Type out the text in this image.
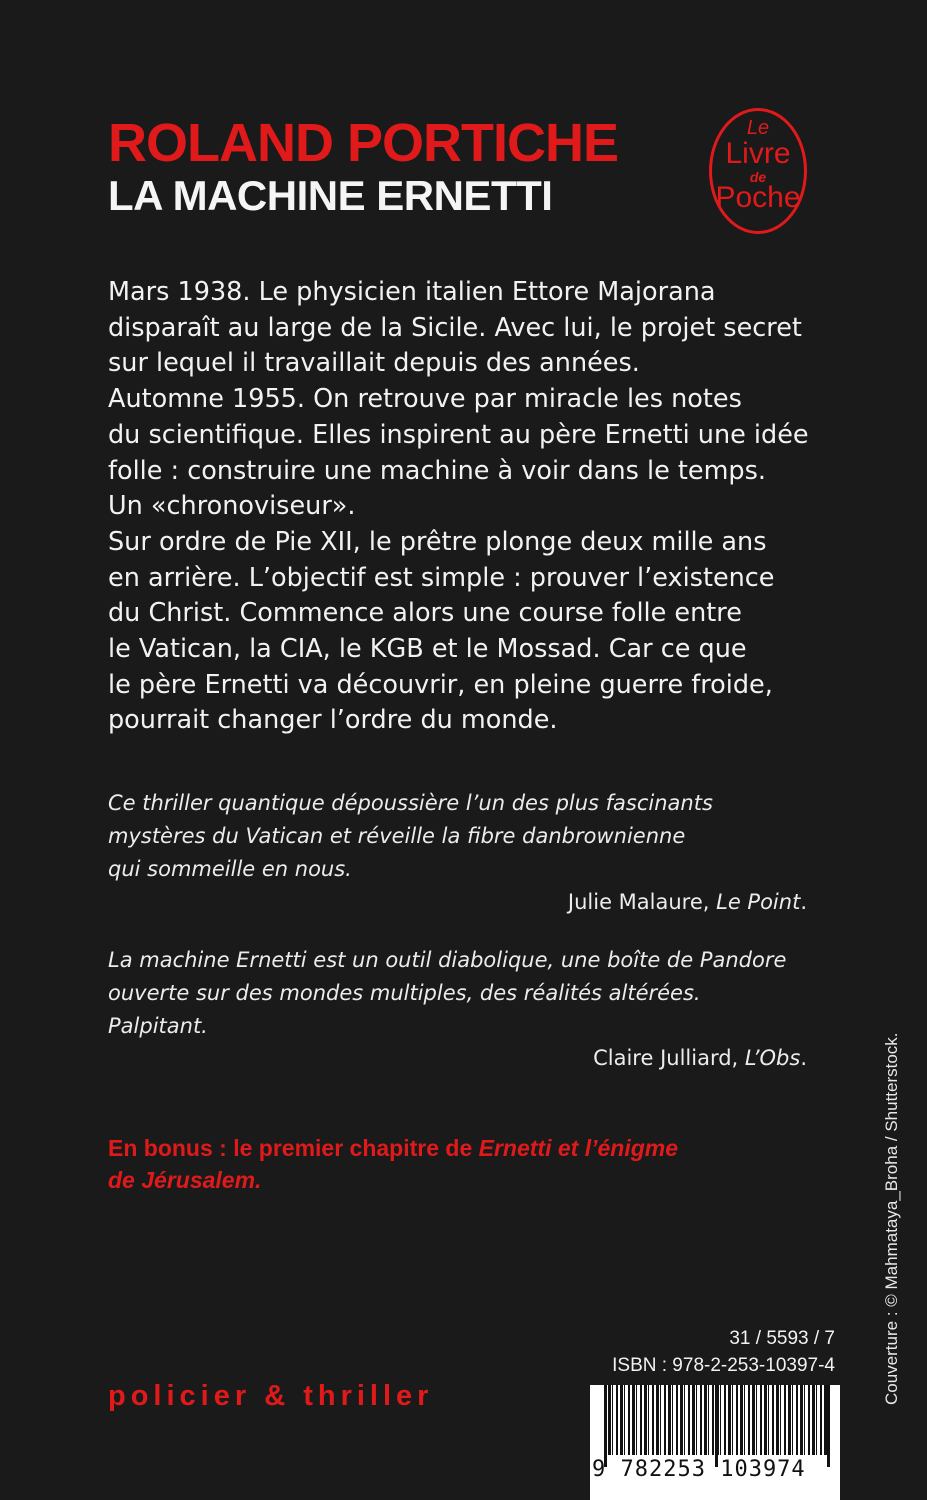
ROLAND PORTICHE
LA MACHINE ERNETTI
Le
Livre
de
Poche
Mars 1938. Le physicien italien Ettore Majorana
disparaît au large de la Sicile. Avec lui, le projet secret
sur lequel il travaillait depuis des années.
Automne 1955. On retrouve par miracle les notes
du scientifique. Elles inspirent au père Ernetti une idée
folle : construire une machine à voir dans le temps.
Un «chronoviseur».
Sur ordre de Pie XII, le prêtre plonge deux mille ans
en arrière. L’objectif est simple : prouver l’existence
du Christ. Commence alors une course folle entre
le Vatican, la CIA, le KGB et le Mossad. Car ce que
le père Ernetti va découvrir, en pleine guerre froide,
pourrait changer l’ordre du monde.
Ce thriller quantique dépoussière l’un des plus fascinants
mystères du Vatican et réveille la fibre danbrownienne
qui sommeille en nous.
Julie Malaure, Le Point.
La machine Ernetti est un outil diabolique, une boîte de Pandore
ouverte sur des mondes multiples, des réalités altérées.
Palpitant.
Claire Julliard, L’Obs.
En bonus : le premier chapitre de Ernetti et l’énigme
de Jérusalem.
31 / 5593 / 7
ISBN : 978-2-253-10397-4
policier & thriller
9 782253 103974
Couverture : © Mahmataya_Broha / Shutterstock.
